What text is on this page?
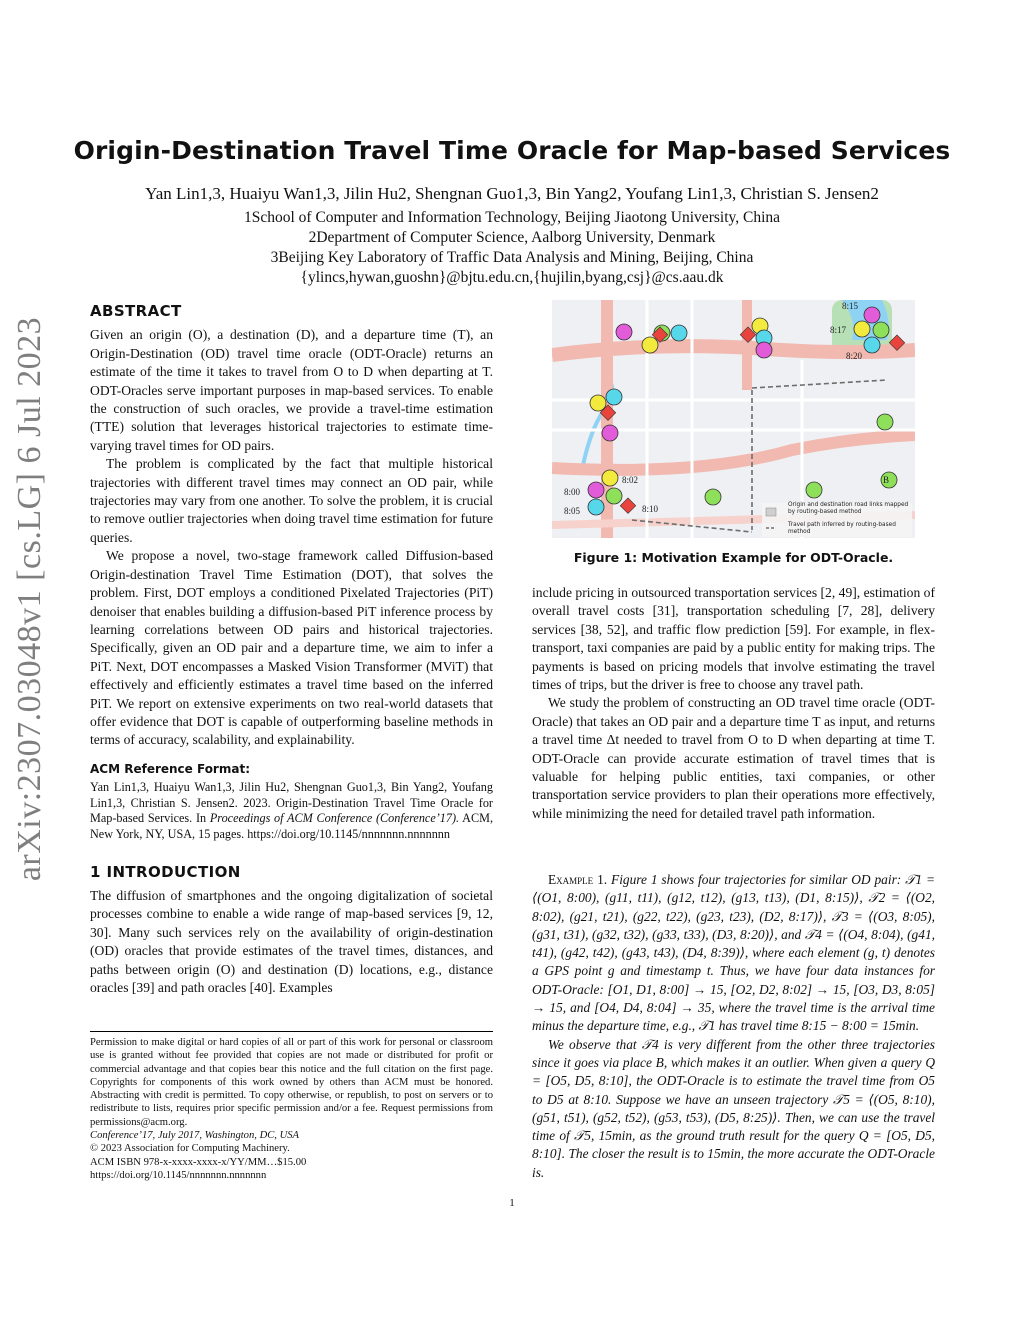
arXiv:2307.03048v1 [cs.LG] 6 Jul 2023
Origin-Destination Travel Time Oracle for Map-based Services
Yan Lin1,3, Huaiyu Wan1,3, Jilin Hu2, Shengnan Guo1,3, Bin Yang2, Youfang Lin1,3, Christian S. Jensen2
1School of Computer and Information Technology, Beijing Jiaotong University, China
2Department of Computer Science, Aalborg University, Denmark
3Beijing Key Laboratory of Traffic Data Analysis and Mining, Beijing, China
{ylincs,hywan,guoshn}@bjtu.edu.cn,{hujilin,byang,csj}@cs.aau.dk
ABSTRACT

Given an origin (O), a destination (D), and a departure time (T), an Origin-Destination (OD) travel time oracle (ODT-Oracle) returns an estimate of the time it takes to travel from O to D when departing at T. ODT-Oracles serve important purposes in map-based services. To enable the construction of such oracles, we provide a travel-time estimation (TTE) solution that leverages historical trajectories to estimate time-varying travel times for OD pairs.

The problem is complicated by the fact that multiple historical trajectories with different travel times may connect an OD pair, while trajectories may vary from one another. To solve the problem, it is crucial to remove outlier trajectories when doing travel time estimation for future queries.

We propose a novel, two-stage framework called Diffusion-based Origin-destination Travel Time Estimation (DOT), that solves the problem. First, DOT employs a conditioned Pixelated Trajectories (PiT) denoiser that enables building a diffusion-based PiT inference process by learning correlations between OD pairs and historical trajectories. Specifically, given an OD pair and a departure time, we aim to infer a PiT. Next, DOT encompasses a Masked Vision Transformer (MViT) that effectively and efficiently estimates a travel time based on the inferred PiT. We report on extensive experiments on two real-world datasets that offer evidence that DOT is capable of outperforming baseline methods in terms of accuracy, scalability, and explainability.

ACM Reference Format:
Yan Lin1,3, Huaiyu Wan1,3, Jilin Hu2, Shengnan Guo1,3, Bin Yang2, Youfang Lin1,3, Christian S. Jensen2. 2023. Origin-Destination Travel Time Oracle for Map-based Services. In Proceedings of ACM Conference (Conference’17). ACM, New York, NY, USA, 15 pages. https://doi.org/10.1145/nnnnnnn.nnnnnnn
1 INTRODUCTION

The diffusion of smartphones and the ongoing digitalization of societal processes combine to enable a wide range of map-based services [9, 12, 30]. Many such services rely on the availability of origin-destination (OD) oracles that provide estimates of the travel times, distances, and paths between origin (O) and destination (D) locations, e.g., distance oracles [39] and path oracles [40]. Examples

Permission to make digital or hard copies of all or part of this work for personal or classroom use is granted without fee provided that copies are not made or distributed for profit or commercial advantage and that copies bear this notice and the full citation on the first page. Copyrights for components of this work owned by others than ACM must be honored. Abstracting with credit is permitted. To copy otherwise, or republish, to post on servers or to redistribute to lists, requires prior specific permission and/or a fee. Request permissions from permissions@acm.org.
Conference’17, July 2017, Washington, DC, USA
© 2023 Association for Computing Machinery.
ACM ISBN 978-x-xxxx-xxxx-x/YY/MM…$15.00
https://doi.org/10.1145/nnnnnnn.nnnnnnn
8:15
8:17
8:20
8:00
8:02
8:05	8:10
B
Origin and destination road links mapped by routing-based method
Travel path inferred by routing-based method
Figure 1: Motivation Example for ODT-Oracle.

include pricing in outsourced transportation services [2, 49], estimation of overall travel costs [31], transportation scheduling [7, 28], delivery services [38, 52], and traffic flow prediction [59]. For example, in flex-transport, taxi companies are paid by a public entity for making trips. The payments is based on pricing models that involve estimating the travel times of trips, but the driver is free to choose any travel path.

We study the problem of constructing an OD travel time oracle (ODT-Oracle) that takes an OD pair and a departure time T as input, and returns a travel time Δt needed to travel from O to D when departing at time T. ODT-Oracle can provide accurate estimation of travel times that is valuable for helping public entities, taxi companies, or other transportation service providers to plan their operations more effectively, while minimizing the need for detailed travel path information.

Example 1. Figure 1 shows four trajectories for similar OD pair: 𝒯1 = ⟨(O1, 8:00), (g11, t11), (g12, t12), (g13, t13), (D1, 8:15)⟩, 𝒯2 = ⟨(O2, 8:02), (g21, t21), (g22, t22), (g23, t23), (D2, 8:17)⟩, 𝒯3 = ⟨(O3, 8:05), (g31, t31), (g32, t32), (g33, t33), (D3, 8:20)⟩, and 𝒯4 = ⟨(O4, 8:04), (g41, t41), (g42, t42), (g43, t43), (D4, 8:39)⟩, where each element (g, t) denotes a GPS point g and timestamp t. Thus, we have four data instances for ODT-Oracle: [O1, D1, 8:00] → 15, [O2, D2, 8:02] → 15, [O3, D3, 8:05] → 15, and [O4, D4, 8:04] → 35, where the travel time is the arrival time minus the departure time, e.g., 𝒯1 has travel time 8:15 − 8:00 = 15min.

We observe that 𝒯4 is very different from the other three trajectories since it goes via place B, which makes it an outlier. When given a query Q = [O5, D5, 8:10], the ODT-Oracle is to estimate the travel time from O5 to D5 at 8:10. Suppose we have an unseen trajectory 𝒯5 = ⟨(O5, 8:10), (g51, t51), (g52, t52), (g53, t53), (D5, 8:25)⟩. Then, we can use the travel time of 𝒯5, 15min, as the ground truth result for the query Q = [O5, D5, 8:10]. The closer the result is to 15min, the more accurate the ODT-Oracle is.

1
